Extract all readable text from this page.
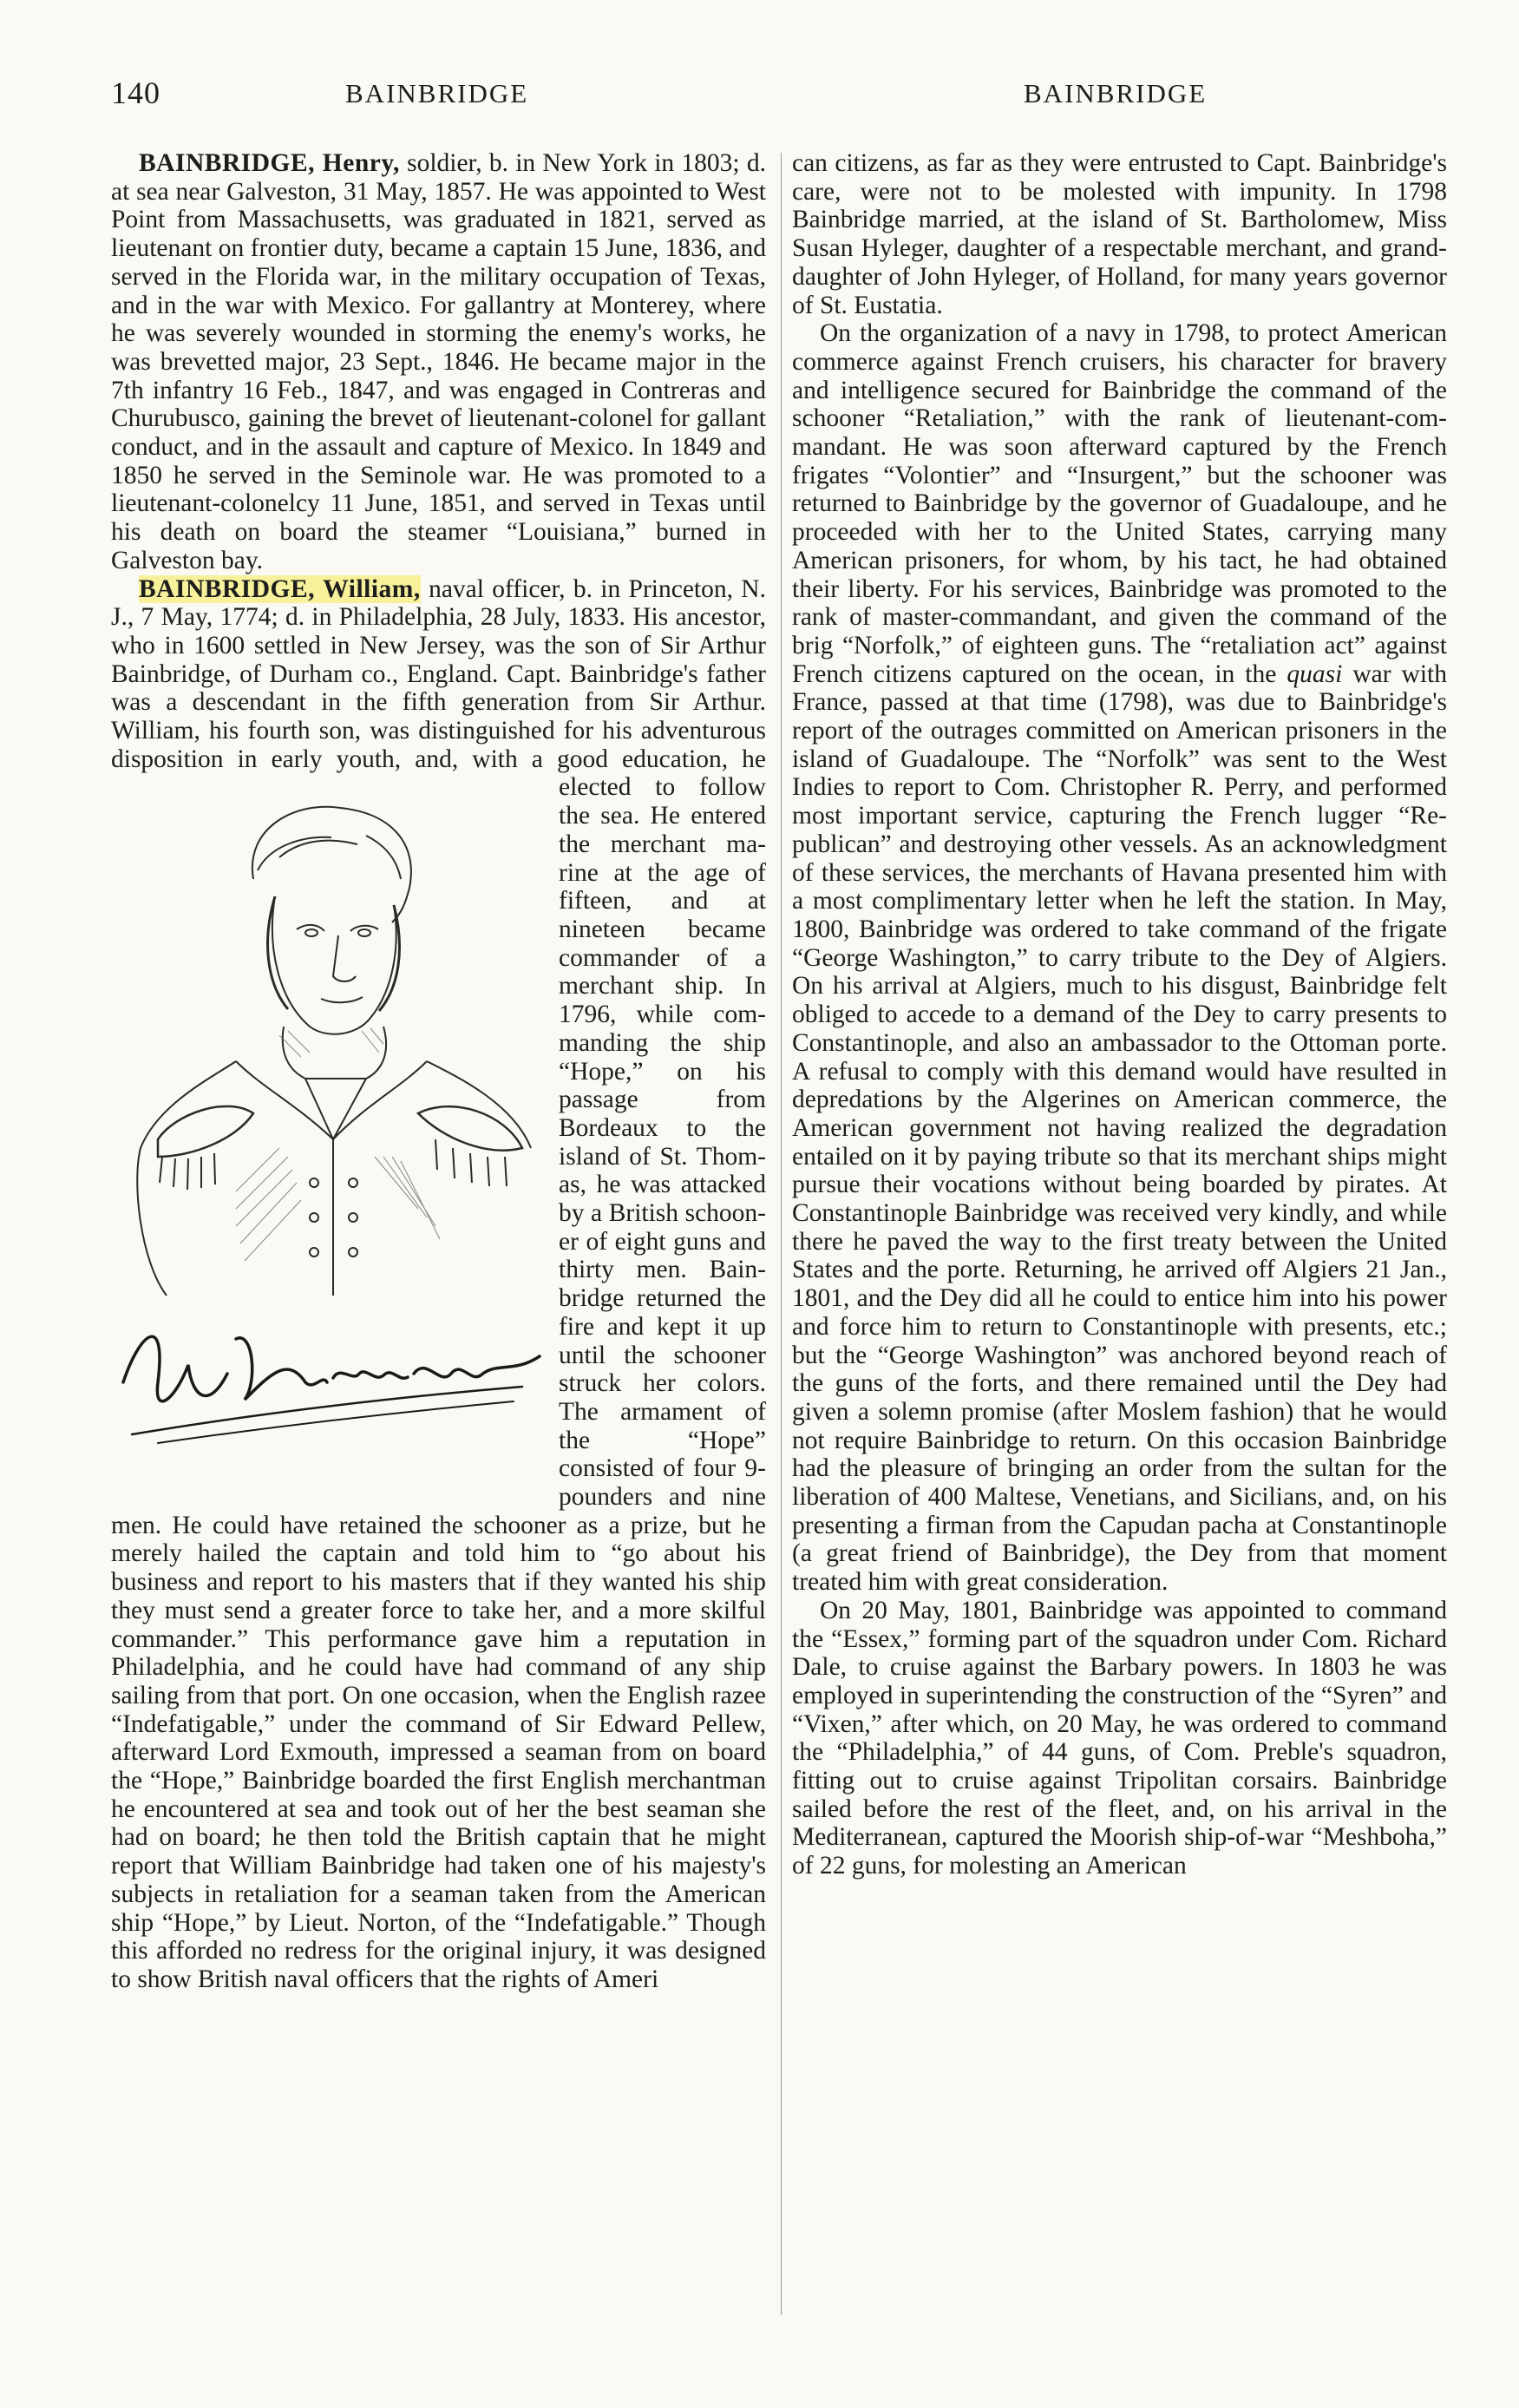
140	BAINBRIDGE	BAINBRIDGE

BAINBRIDGE, Henry, soldier, b. in New York in 1803; d. at sea near Galveston, 31 May, 1857. He was appointed to West Point from Massachusetts, was graduated in 1821, served as lieutenant on frontier duty, became a captain 15 June, 1836, and served in the Florida war, in the military occupation of Texas, and in the war with Mexico. For gallantry at Monterey, where he was severely wounded in storming the enemy's works, he was brevetted major, 23 Sept., 1846. He became major in the 7th infantry 16 Feb., 1847, and was engaged in Contreras and Churubusco, gaining the brevet of lieutenant-colonel for gallant conduct, and in the assault and capture of Mexico. In 1849 and 1850 he served in the Seminole war. He was promoted to a lieutenant-colonelcy 11 June, 1851, and served in Texas until his death on board the steamer “Louisiana,” burned in Galveston bay.

BAINBRIDGE, William, naval officer, b. in Princeton, N. J., 7 May, 1774; d. in Philadelphia, 28 July, 1833. His ancestor, who in 1600 settled in New Jersey, was the son of Sir Arthur Bainbridge, of Durham co., England. Capt. Bainbridge's father was a descendant in the fifth generation from Sir Arthur. William, his fourth son, was distinguished for his adventurous disposition in early youth, and, with a good education, he elected to
W. Bainbridge
follow the sea. He entered the merchant marine at the age of fifteen, and at nineteen became commander of a merchant ship. In 1796, while commanding the ship “Hope,” on his passage from Bordeaux to the island of St. Thomas, he was attacked by a British schooner of eight guns and thirty men. Bainbridge returned the fire and kept it up until the schooner struck her colors. The armament of the “Hope” consisted of four 9-pounders and nine men. He could have retained the schooner as a prize, but he merely hailed the captain and told him to “go about his business and report to his masters that if they wanted his ship they must send a greater force to take her, and a more skilful commander.” This performance gave him a reputation in Philadelphia, and he could have had command of any ship sailing from that port. On one occasion, when the English razee “Indefatigable,” under the command of Sir Edward Pellew, afterward Lord Exmouth, impressed a seaman from on board the “Hope,” Bainbridge boarded the first English merchantman he encountered at sea and took out of her the best seaman she had on board; he then told the British captain that he might report that William Bainbridge had taken one of his majesty's subjects in retaliation for a seaman taken from the American ship “Hope,” by Lieut. Norton, of the “Indefatigable.” Though this afforded no redress for the original injury, it was designed to show British naval officers that the rights of Ameri

can citizens, as far as they were entrusted to Capt. Bainbridge's care, were not to be molested with impunity. In 1798 Bainbridge married, at the island of St. Bartholomew, Miss Susan Hyleger, daughter of a respectable merchant, and granddaughter of John Hyleger, of Holland, for many years governor of St. Eustatia.

On the organization of a navy in 1798, to protect American commerce against French cruisers, his character for bravery and intelligence secured for Bainbridge the command of the schooner “Retaliation,” with the rank of lieutenant-commandant. He was soon afterward captured by the French frigates “Volontier” and “Insurgent,” but the schooner was returned to Bainbridge by the governor of Guadaloupe, and he proceeded with her to the United States, carrying many American prisoners, for whom, by his tact, he had obtained their liberty. For his services, Bainbridge was promoted to the rank of master-commandant, and given the command of the brig “Norfolk,” of eighteen guns. The “retaliation act” against French citizens captured on the ocean, in the quasi war with France, passed at that time (1798), was due to Bainbridge's report of the outrages committed on American prisoners in the island of Guadaloupe. The “Norfolk” was sent to the West Indies to report to Com. Christopher R. Perry, and performed most important service, capturing the French lugger “Republican” and destroying other vessels. As an acknowledgment of these services, the merchants of Havana presented him with a most complimentary letter when he left the station. In May, 1800, Bainbridge was ordered to take command of the frigate “George Washington,” to carry tribute to the Dey of Algiers. On his arrival at Algiers, much to his disgust, Bainbridge felt obliged to accede to a demand of the Dey to carry presents to Constantinople, and also an ambassador to the Ottoman porte. A refusal to comply with this demand would have resulted in depredations by the Algerines on American commerce, the American government not having realized the degradation entailed on it by paying tribute so that its merchant ships might pursue their vocations without being boarded by pirates. At Constantinople Bainbridge was received very kindly, and while there he paved the way to the first treaty between the United States and the porte. Returning, he arrived off Algiers 21 Jan., 1801, and the Dey did all he could to entice him into his power and force him to return to Constantinople with presents, etc.; but the “George Washington” was anchored beyond reach of the guns of the forts, and there remained until the Dey had given a solemn promise (after Moslem fashion) that he would not require Bainbridge to return. On this occasion Bainbridge had the pleasure of bringing an order from the sultan for the liberation of 400 Maltese, Venetians, and Sicilians, and, on his presenting a firman from the Capudan pacha at Constantinople (a great friend of Bainbridge), the Dey from that moment treated him with great consideration.

On 20 May, 1801, Bainbridge was appointed to command the “Essex,” forming part of the squadron under Com. Richard Dale, to cruise against the Barbary powers. In 1803 he was employed in superintending the construction of the “Syren” and “Vixen,” after which, on 20 May, he was ordered to command the “Philadelphia,” of 44 guns, of Com. Preble's squadron, fitting out to cruise against Tripolitan corsairs. Bainbridge sailed before the rest of the fleet, and, on his arrival in the Mediterranean, captured the Moorish ship-of-war “Meshboha,” of 22 guns, for molesting an American
